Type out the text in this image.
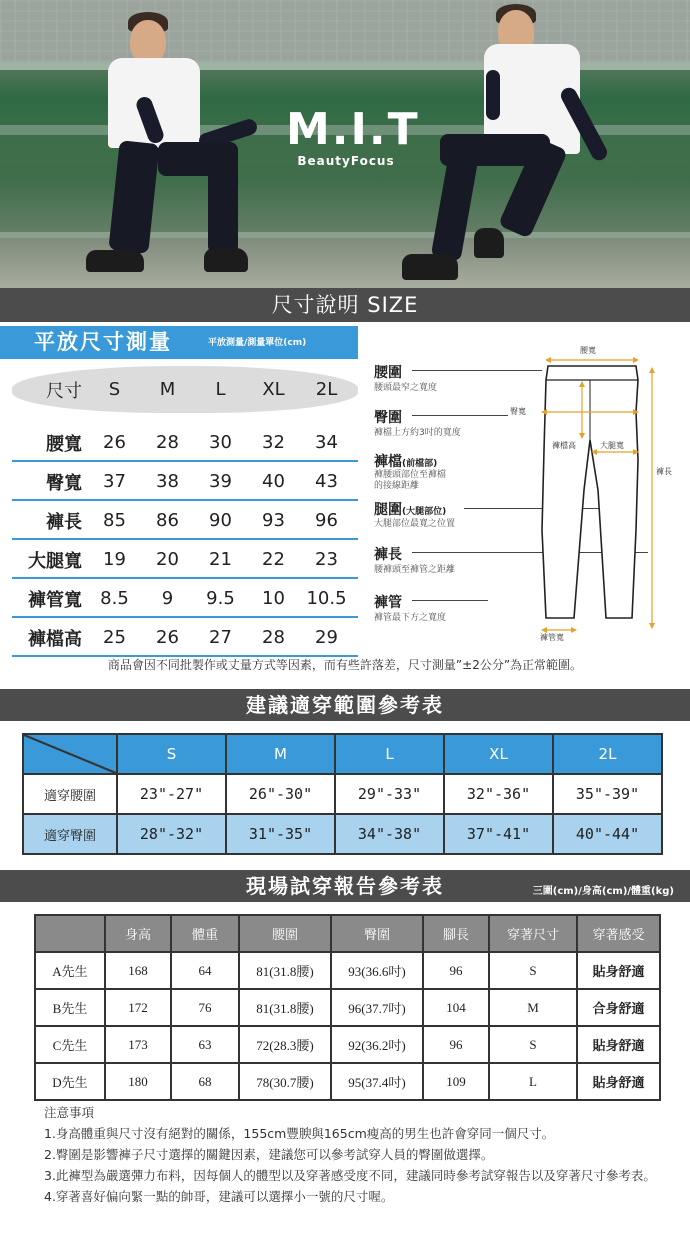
M.I.T
BeautyFocus
尺寸說明 SIZE
平放尺寸測量	平放測量/測量單位(cm)
尺寸	S	M	L	XL	2L
腰寬	26	28	30	32	34
臀寬	37	38	39	40	43
褲長	85	86	90	93	96
大腿寬	19	20	21	22	23
褲管寬	8.5	9	9.5	10	10.5
褲檔高	25	26	27	28	29
腰圍
腰頭最窄之寬度
臀圍
褲檔上方約3吋的寬度
褲檔(前檔部)
褲腰頭部位至褲檔
的接線距離
腿圍(大腿部位)
大腿部位最寬之位置
褲長
腰褲頭至褲管之距離
褲管
褲管最下方之寬度
腰寬
臀寬
褲檔高	大腿寬
褲長
褲管寬
商品會因不同批製作或丈量方式等因素，而有些許落差，尺寸測量”±2公分”為正常範圍。
建議適穿範圍參考表
	S	M	L	XL	2L
適穿腰圍	23"-27"	26"-30"	29"-33"	32"-36"	35"-39"
適穿臀圍	28"-32"	31"-35"	34"-38"	37"-41"	40"-44"
現場試穿報告參考表	三圍(cm)/身高(cm)/體重(kg)
	身高	體重	腰圍	臀圍	腳長	穿著尺寸	穿著感受
A先生	168	64	81(31.8腰)	93(36.6吋)	96	S	貼身舒適
B先生	172	76	81(31.8腰)	96(37.7吋)	104	M	合身舒適
C先生	173	63	72(28.3腰)	92(36.2吋)	96	S	貼身舒適
D先生	180	68	78(30.7腰)	95(37.4吋)	109	L	貼身舒適
注意事項
1.身高體重與尺寸沒有絕對的關係，155cm豐腴與165cm瘦高的男生也許會穿同一個尺寸。
2.臀圍是影響褲子尺寸選擇的關鍵因素，建議您可以參考試穿人員的臀圍做選擇。
3.此褲型為嚴選彈力布料，因每個人的體型以及穿著感受度不同，建議同時參考試穿報告以及穿著尺寸參考表。
4.穿著喜好偏向緊一點的帥哥，建議可以選擇小一號的尺寸喔。
